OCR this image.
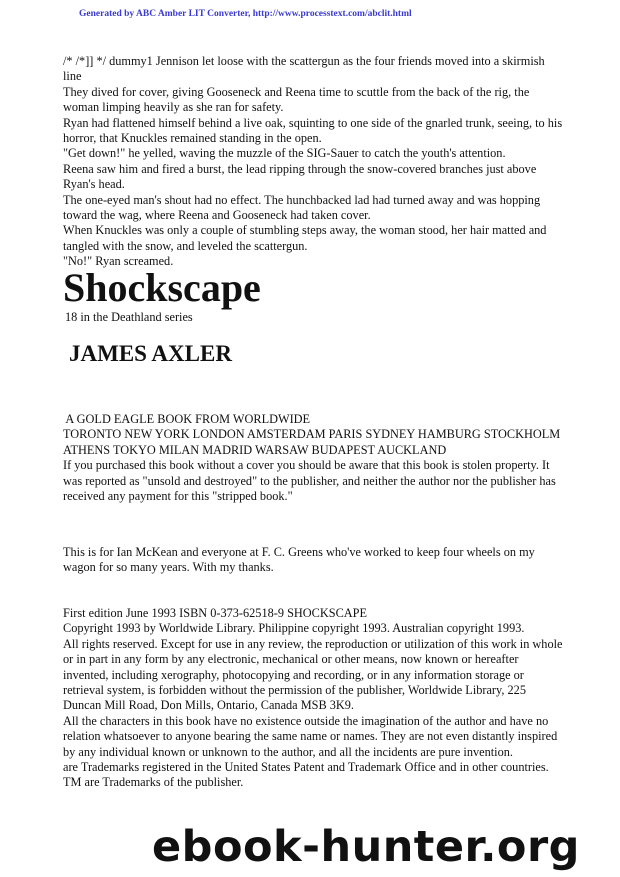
Generated by ABC Amber LIT Converter, http://www.processtext.com/abclit.html

/* /*]] */ dummy1 Jennison let loose with the scattergun as the four friends moved into a skirmish line

They dived for cover, giving Gooseneck and Reena time to scuttle from the back of the rig, the woman limping heavily as she ran for safety.

Ryan had flattened himself behind a live oak, squinting to one side of the gnarled trunk, seeing, to his horror, that Knuckles remained standing in the open.

"Get down!" he yelled, waving the muzzle of the SIG-Sauer to catch the youth's attention.

Reena saw him and fired a burst, the lead ripping through the snow-covered branches just above Ryan's head.

The one-eyed man's shout had no effect. The hunchbacked lad had turned away and was hopping toward the wag, where Reena and Gooseneck had taken cover.

When Knuckles was only a couple of stumbling steps away, the woman stood, her hair matted and tangled with the snow, and leveled the scattergun.

"No!" Ryan screamed.

Shockscape
18 in the Deathland series
JAMES AXLER

A GOLD EAGLE BOOK FROM WORLDWIDE

TORONTO NEW YORK LONDON AMSTERDAM PARIS SYDNEY HAMBURG STOCKHOLM ATHENS TOKYO MILAN MADRID WARSAW BUDAPEST AUCKLAND

If you purchased this book without a cover you should be aware that this book is stolen property. It was reported as "unsold and destroyed" to the publisher, and neither the author nor the publisher has received any payment for this "stripped book."

This is for Ian McKean and everyone at F. C. Greens who've worked to keep four wheels on my wagon for so many years. With my thanks.

First edition June 1993 ISBN 0-373-62518-9 SHOCKSCAPE

Copyright 1993 by Worldwide Library. Philippine copyright 1993. Australian copyright 1993.

All rights reserved. Except for use in any review, the reproduction or utilization of this work in whole or in part in any form by any electronic, mechanical or other means, now known or hereafter invented, including xerography, photocopying and recording, or in any information storage or retrieval system, is forbidden without the permission of the publisher, Worldwide Library, 225 Duncan Mill Road, Don Mills, Ontario, Canada MSB 3K9.

All the characters in this book have no existence outside the imagination of the author and have no relation whatsoever to anyone bearing the same name or names. They are not even distantly inspired by any individual known or unknown to the author, and all the incidents are pure invention.

are Trademarks registered in the United States Patent and Trademark Office and in other countries. TM are Trademarks of the publisher.

ebook-hunter.org
